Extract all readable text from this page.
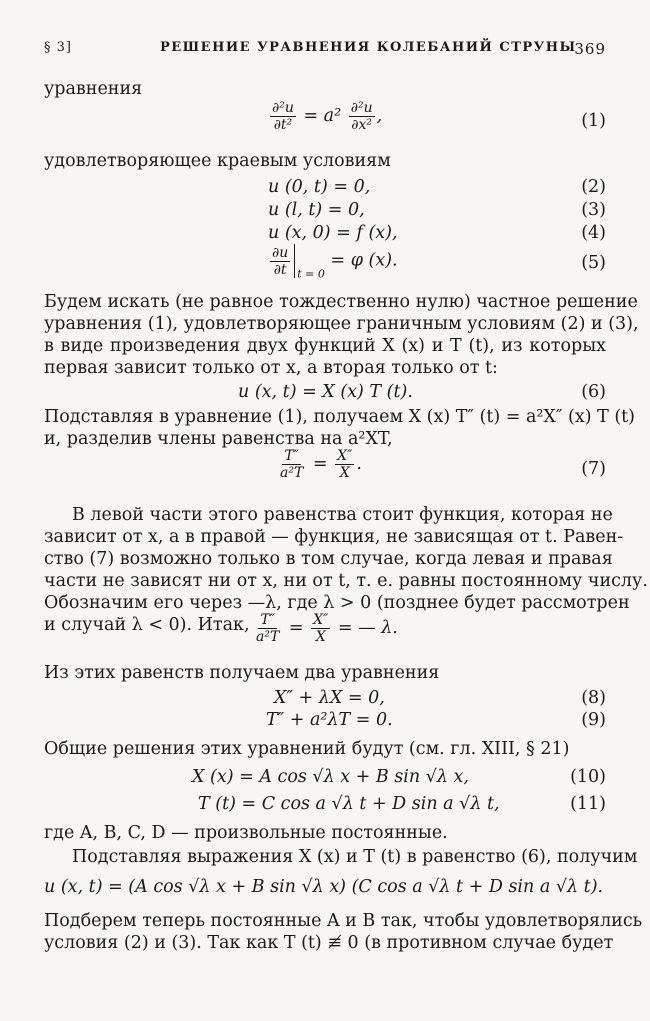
§ 3]	РЕШЕНИЕ УРАВНЕНИЯ КОЛЕБАНИЙ СТРУНЫ
369
уравнения
$\frac{\text{∂²u}}{\text{∂t²}} = a^2 \frac{\text{∂²u}}{\text{∂x²}}$ ,	(1)
удовлетворяющее краевым условиям
u (0, t) = 0,	(2)
u (l, t) = 0,	(3)
u (x, 0) = f (x),	(4)
$\frac{\partial u}{\partial t} _{t = 0} = \varphi$ (x).	(5)
Будем искать (не равное тождественно нулю) частное решение
уравнения (1), удовлетворяющее граничным условиям (2) и (3),
в виде произведения двух функций X (x) и T (t), из которых
первая зависит только от x, а вторая только от t:
u (x, t) = X (x) T (t).	(6)
Подставляя в уравнение (1), получаем X (x) T″ (t) = a²X″ (x) T (t)
и, разделив члены равенства на a²XT,
$\frac{T''}{\text{a²T}} = \frac{X''}{X}$ .	(7)
В левой части этого равенства стоит функция, которая не
зависит от x, а в правой — функция, не зависящая от t. Равен-
ство (7) возможно только в том случае, когда левая и правая
части не зависят ни от x, ни от t, т. е. равны постоянному числу.
Обозначим его через —λ, где λ > 0 (позднее будет рассмотрен
и случай λ < 0). Итак, $\frac{T''}{\text{a²T}} = \frac{X''}{X}$ = — λ.
Из этих равенств получаем два уравнения
X″ + λX = 0,	(8)
T″ + a²λT = 0.	(9)
Общие решения этих уравнений будут (см. гл. XIII, § 21)
X (x) = A cos √λ x + B sin √λ x,	(10)
T (t) = C cos a √λ t + D sin a √λ t,	(11)
где A, B, C, D — произвольные постоянные.
Подставляя выражения X (x) и T (t) в равенство (6), получим
u (x, t) = (A cos √λ x + B sin √λ x) (C cos a √λ t + D sin a √λ t).
Подберем теперь постоянные A и B так, чтобы удовлетворялись
условия (2) и (3). Так как T (t) ≢ 0 (в противном случае будет
